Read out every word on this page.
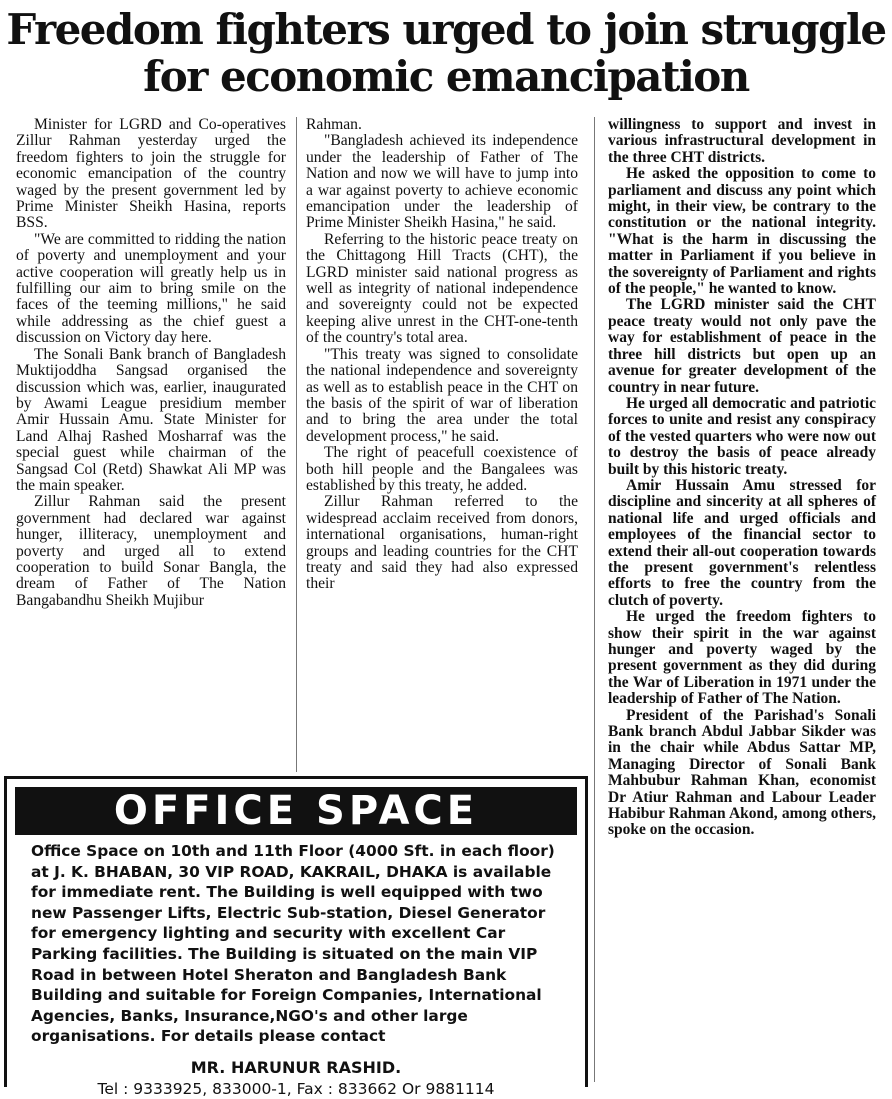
Freedom fighters urged to join struggle for economic emancipation

Minister for LGRD and Co-operatives Zillur Rahman yesterday urged the freedom fighters to join the struggle for economic emancipation of the country waged by the present government led by Prime Minister Sheikh Hasina, reports BSS.

"We are committed to ridding the nation of poverty and unemployment and your active cooperation will greatly help us in fulfilling our aim to bring smile on the faces of the teeming millions," he said while addressing as the chief guest a discussion on Victory day here.

The Sonali Bank branch of Bangladesh Muktijoddha Sangsad organised the discussion which was, earlier, inaugurated by Awami League presidium member Amir Hussain Amu. State Minister for Land Alhaj Rashed Mosharraf was the special guest while chairman of the Sangsad Col (Retd) Shawkat Ali MP was the main speaker.

Zillur Rahman said the present government had declared war against hunger, illiteracy, unemployment and poverty and urged all to extend cooperation to build Sonar Bangla, the dream of Father of The Nation Bangabandhu Sheikh Mujibur

Rahman.

"Bangladesh achieved its independence under the leadership of Father of The Nation and now we will have to jump into a war against poverty to achieve economic emancipation under the leadership of Prime Minister Sheikh Hasina," he said.

Referring to the historic peace treaty on the Chittagong Hill Tracts (CHT), the LGRD minister said national progress as well as integrity of national independence and sovereignty could not be expected keeping alive unrest in the CHT-one-tenth of the country's total area.

"This treaty was signed to consolidate the national independence and sovereignty as well as to establish peace in the CHT on the basis of the spirit of war of liberation and to bring the area under the total development process," he said.

The right of peacefull coexistence of both hill people and the Bangalees was established by this treaty, he added.

Zillur Rahman referred to the widespread acclaim received from donors, international organisations, human-right groups and leading countries for the CHT treaty and said they had also expressed their

willingness to support and invest in various infrastructural development in the three CHT districts.

He asked the opposition to come to parliament and discuss any point which might, in their view, be contrary to the constitution or the national integrity. "What is the harm in discussing the matter in Parliament if you believe in the sovereignty of Parliament and rights of the people," he wanted to know.

The LGRD minister said the CHT peace treaty would not only pave the way for establishment of peace in the three hill districts but open up an avenue for greater development of the country in near future.

He urged all democratic and patriotic forces to unite and resist any conspiracy of the vested quarters who were now out to destroy the basis of peace already built by this historic treaty.

Amir Hussain Amu stressed for discipline and sincerity at all spheres of national life and urged officials and employees of the financial sector to extend their all-out cooperation towards the present government's relentless efforts to free the country from the clutch of poverty.

He urged the freedom fighters to show their spirit in the war against hunger and poverty waged by the present government as they did during the War of Liberation in 1971 under the leadership of Father of The Nation.

President of the Parishad's Sonali Bank branch Abdul Jabbar Sikder was in the chair while Abdus Sattar MP, Managing Director of Sonali Bank Mahbubur Rahman Khan, economist Dr Atiur Rahman and Labour Leader Habibur Rahman Akond, among others, spoke on the occasion.

OFFICE SPACE
Office Space on 10th and 11th Floor (4000 Sft. in each floor) at J. K. BHABAN, 30 VIP ROAD, KAKRAIL, DHAKA is available for immediate rent. The Building is well equipped with two new Passenger Lifts, Electric Sub-station, Diesel Generator for emergency lighting and security with excellent Car Parking facilities. The Building is situated on the main VIP Road in between Hotel Sheraton and Bangladesh Bank Building and suitable for Foreign Companies, International Agencies, Banks, Insurance,NGO's and other large organisations. For details please contact
MR. HARUNUR RASHID.
Tel : 9333925, 833000-1, Fax : 833662 Or 9881114
